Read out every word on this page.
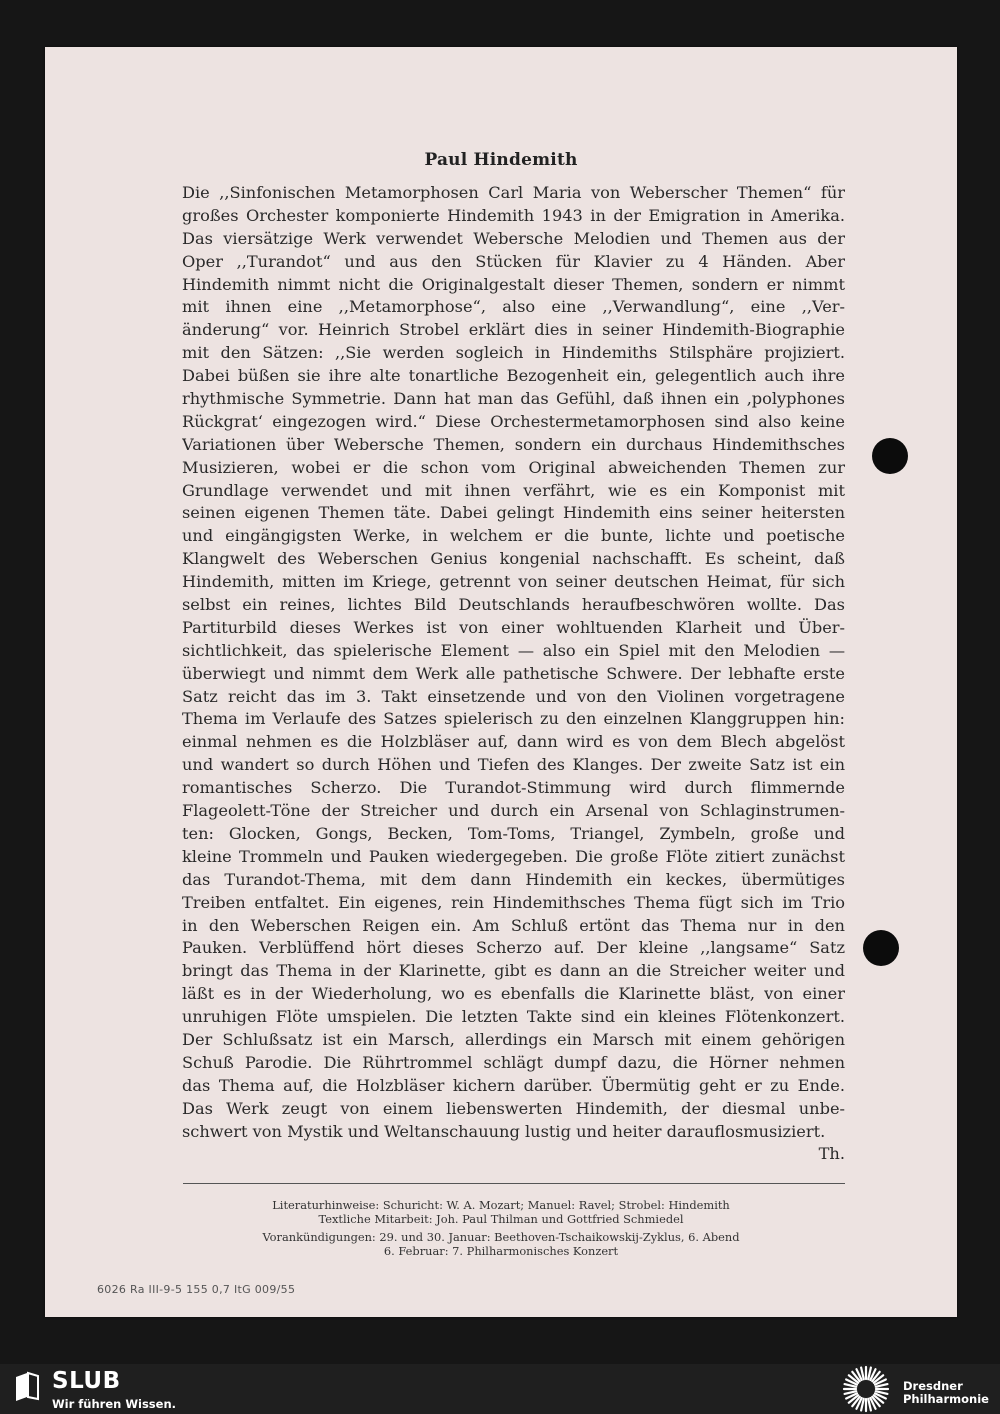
Paul Hindemith
Die ,,Sinfonischen Metamorphosen Carl Maria von Weberscher Themen“ für
großes Orchester komponierte Hindemith 1943 in der Emigration in Amerika.
Das viersätzige Werk verwendet Webersche Melodien und Themen aus der
Oper ,,Turandot“ und aus den Stücken für Klavier zu 4 Händen. Aber
Hindemith nimmt nicht die Originalgestalt dieser Themen, sondern er nimmt
mit ihnen eine ,,Metamorphose“, also eine ,,Verwandlung“, eine ,,Ver-
änderung“ vor. Heinrich Strobel erklärt dies in seiner Hindemith-Biographie
mit den Sätzen: ,,Sie werden sogleich in Hindemiths Stilsphäre projiziert.
Dabei büßen sie ihre alte tonartliche Bezogenheit ein, gelegentlich auch ihre
rhythmische Symmetrie. Dann hat man das Gefühl, daß ihnen ein ‚polyphones
Rückgrat‘ eingezogen wird.“ Diese Orchestermetamorphosen sind also keine
Variationen über Webersche Themen, sondern ein durchaus Hindemithsches
Musizieren, wobei er die schon vom Original abweichenden Themen zur
Grundlage verwendet und mit ihnen verfährt, wie es ein Komponist mit
seinen eigenen Themen täte. Dabei gelingt Hindemith eins seiner heitersten
und eingängigsten Werke, in welchem er die bunte, lichte und poetische
Klangwelt des Weberschen Genius kongenial nachschafft. Es scheint, daß
Hindemith, mitten im Kriege, getrennt von seiner deutschen Heimat, für sich
selbst ein reines, lichtes Bild Deutschlands heraufbeschwören wollte. Das
Partiturbild dieses Werkes ist von einer wohltuenden Klarheit und Über-
sichtlichkeit, das spielerische Element — also ein Spiel mit den Melodien —
überwiegt und nimmt dem Werk alle pathetische Schwere. Der lebhafte erste
Satz reicht das im 3. Takt einsetzende und von den Violinen vorgetragene
Thema im Verlaufe des Satzes spielerisch zu den einzelnen Klanggruppen hin:
einmal nehmen es die Holzbläser auf, dann wird es von dem Blech abgelöst
und wandert so durch Höhen und Tiefen des Klanges. Der zweite Satz ist ein
romantisches Scherzo. Die Turandot-Stimmung wird durch flimmernde
Flageolett-Töne der Streicher und durch ein Arsenal von Schlaginstrumen-
ten: Glocken, Gongs, Becken, Tom-Toms, Triangel, Zymbeln, große und
kleine Trommeln und Pauken wiedergegeben. Die große Flöte zitiert zunächst
das Turandot-Thema, mit dem dann Hindemith ein keckes, übermütiges
Treiben entfaltet. Ein eigenes, rein Hindemithsches Thema fügt sich im Trio
in den Weberschen Reigen ein. Am Schluß ertönt das Thema nur in den
Pauken. Verblüffend hört dieses Scherzo auf. Der kleine ,,langsame“ Satz
bringt das Thema in der Klarinette, gibt es dann an die Streicher weiter und
läßt es in der Wiederholung, wo es ebenfalls die Klarinette bläst, von einer
unruhigen Flöte umspielen. Die letzten Takte sind ein kleines Flötenkonzert.
Der Schlußsatz ist ein Marsch, allerdings ein Marsch mit einem gehörigen
Schuß Parodie. Die Rührtrommel schlägt dumpf dazu, die Hörner nehmen
das Thema auf, die Holzbläser kichern darüber. Übermütig geht er zu Ende.
Das Werk zeugt von einem liebenswerten Hindemith, der diesmal unbe-
schwert von Mystik und Weltanschauung lustig und heiter darauflosmusiziert.
Th.
Literaturhinweise: Schuricht: W. A. Mozart; Manuel: Ravel; Strobel: Hindemith
Textliche Mitarbeit: Joh. Paul Thilman und Gottfried Schmiedel
Vorankündigungen: 29. und 30. Januar: Beethoven-Tschaikowskij-Zyklus, 6. Abend
6. Februar: 7. Philharmonisches Konzert
6026 Ra III-9-5 155 0,7 ItG 009/55
SLUB
Wir führen Wissen.
Dresdner
Philharmonie
